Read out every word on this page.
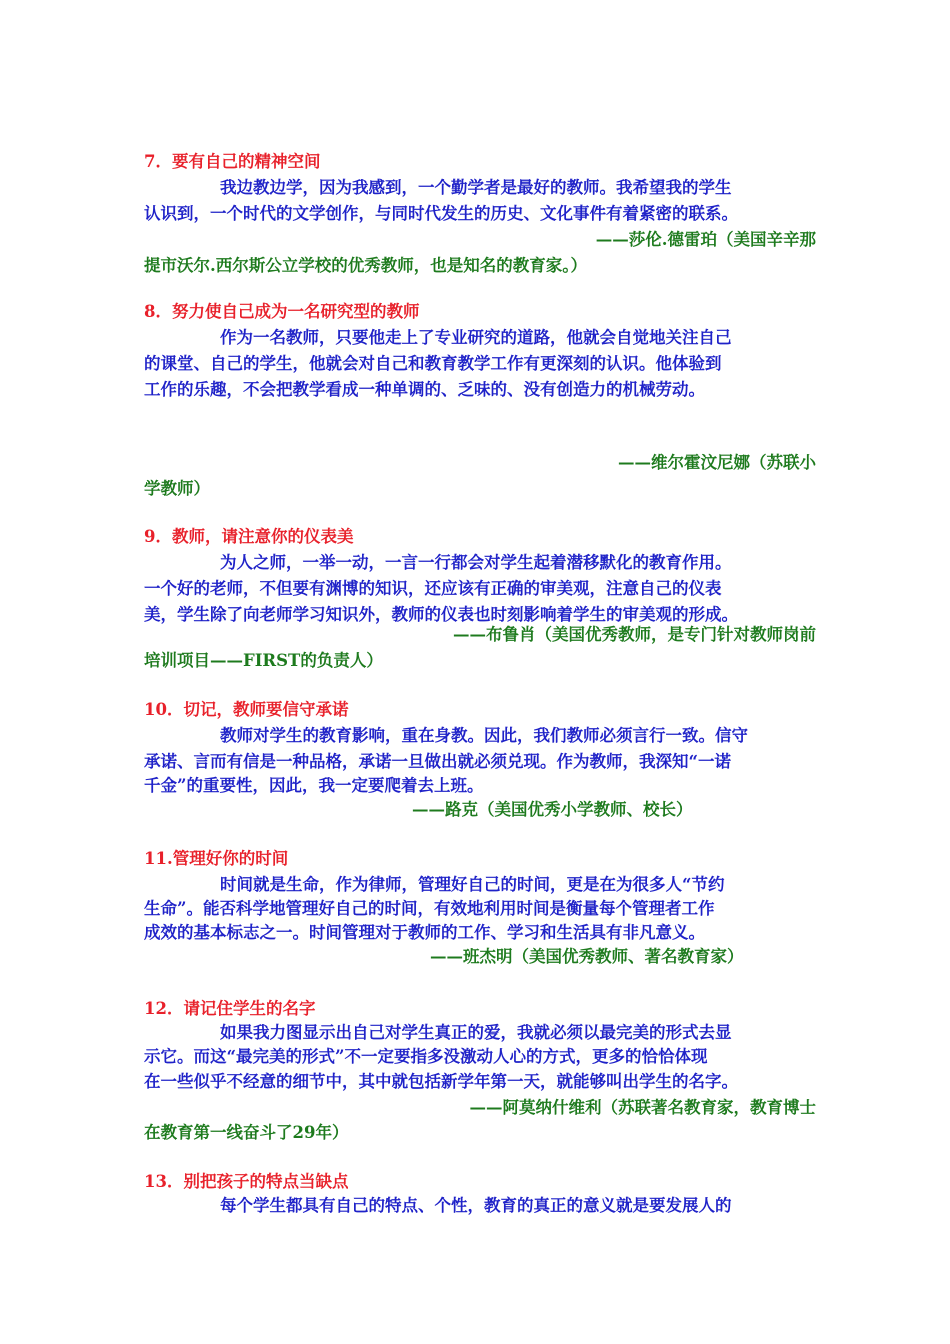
7．要有自己的精神空间
我边教边学，因为我感到，一个勤学者是最好的教师。我希望我的学生
认识到，一个时代的文学创作，与同时代发生的历史、文化事件有着紧密的联系。
——莎伦.德雷珀（美国辛辛那
提市沃尔.西尔斯公立学校的优秀教师，也是知名的教育家。）
8．努力使自己成为一名研究型的教师
作为一名教师，只要他走上了专业研究的道路，他就会自觉地关注自己
的课堂、自己的学生，他就会对自己和教育教学工作有更深刻的认识。他体验到
工作的乐趣，不会把教学看成一种单调的、乏味的、没有创造力的机械劳动。
——维尔霍汶尼娜（苏联小
学教师）
9．教师，请注意你的仪表美
为人之师，一举一动，一言一行都会对学生起着潜移默化的教育作用。
一个好的老师，不但要有渊博的知识，还应该有正确的审美观，注意自己的仪表
美，学生除了向老师学习知识外，教师的仪表也时刻影响着学生的审美观的形成。
——布鲁肖（美国优秀教师，是专门针对教师岗前
培训项目——FIRST的负责人）
10．切记，教师要信守承诺
教师对学生的教育影响，重在身教。因此，我们教师必须言行一致。信守
承诺、言而有信是一种品格，承诺一旦做出就必须兑现。作为教师，我深知“一诺
千金”的重要性，因此，我一定要爬着去上班。
——路克（美国优秀小学教师、校长）
11.管理好你的时间
时间就是生命，作为律师，管理好自己的时间，更是在为很多人“节约
生命”。能否科学地管理好自己的时间，有效地利用时间是衡量每个管理者工作
成效的基本标志之一。时间管理对于教师的工作、学习和生活具有非凡意义。
——班杰明（美国优秀教师、著名教育家）
12．请记住学生的名字
如果我力图显示出自己对学生真正的爱，我就必须以最完美的形式去显
示它。而这“最完美的形式”不一定要指多没激动人心的方式，更多的恰恰体现
在一些似乎不经意的细节中，其中就包括新学年第一天，就能够叫出学生的名字。
——阿莫纳什维利（苏联著名教育家，教育博士
在教育第一线奋斗了29年）
13．别把孩子的特点当缺点
每个学生都具有自己的特点、个性，教育的真正的意义就是要发展人的
